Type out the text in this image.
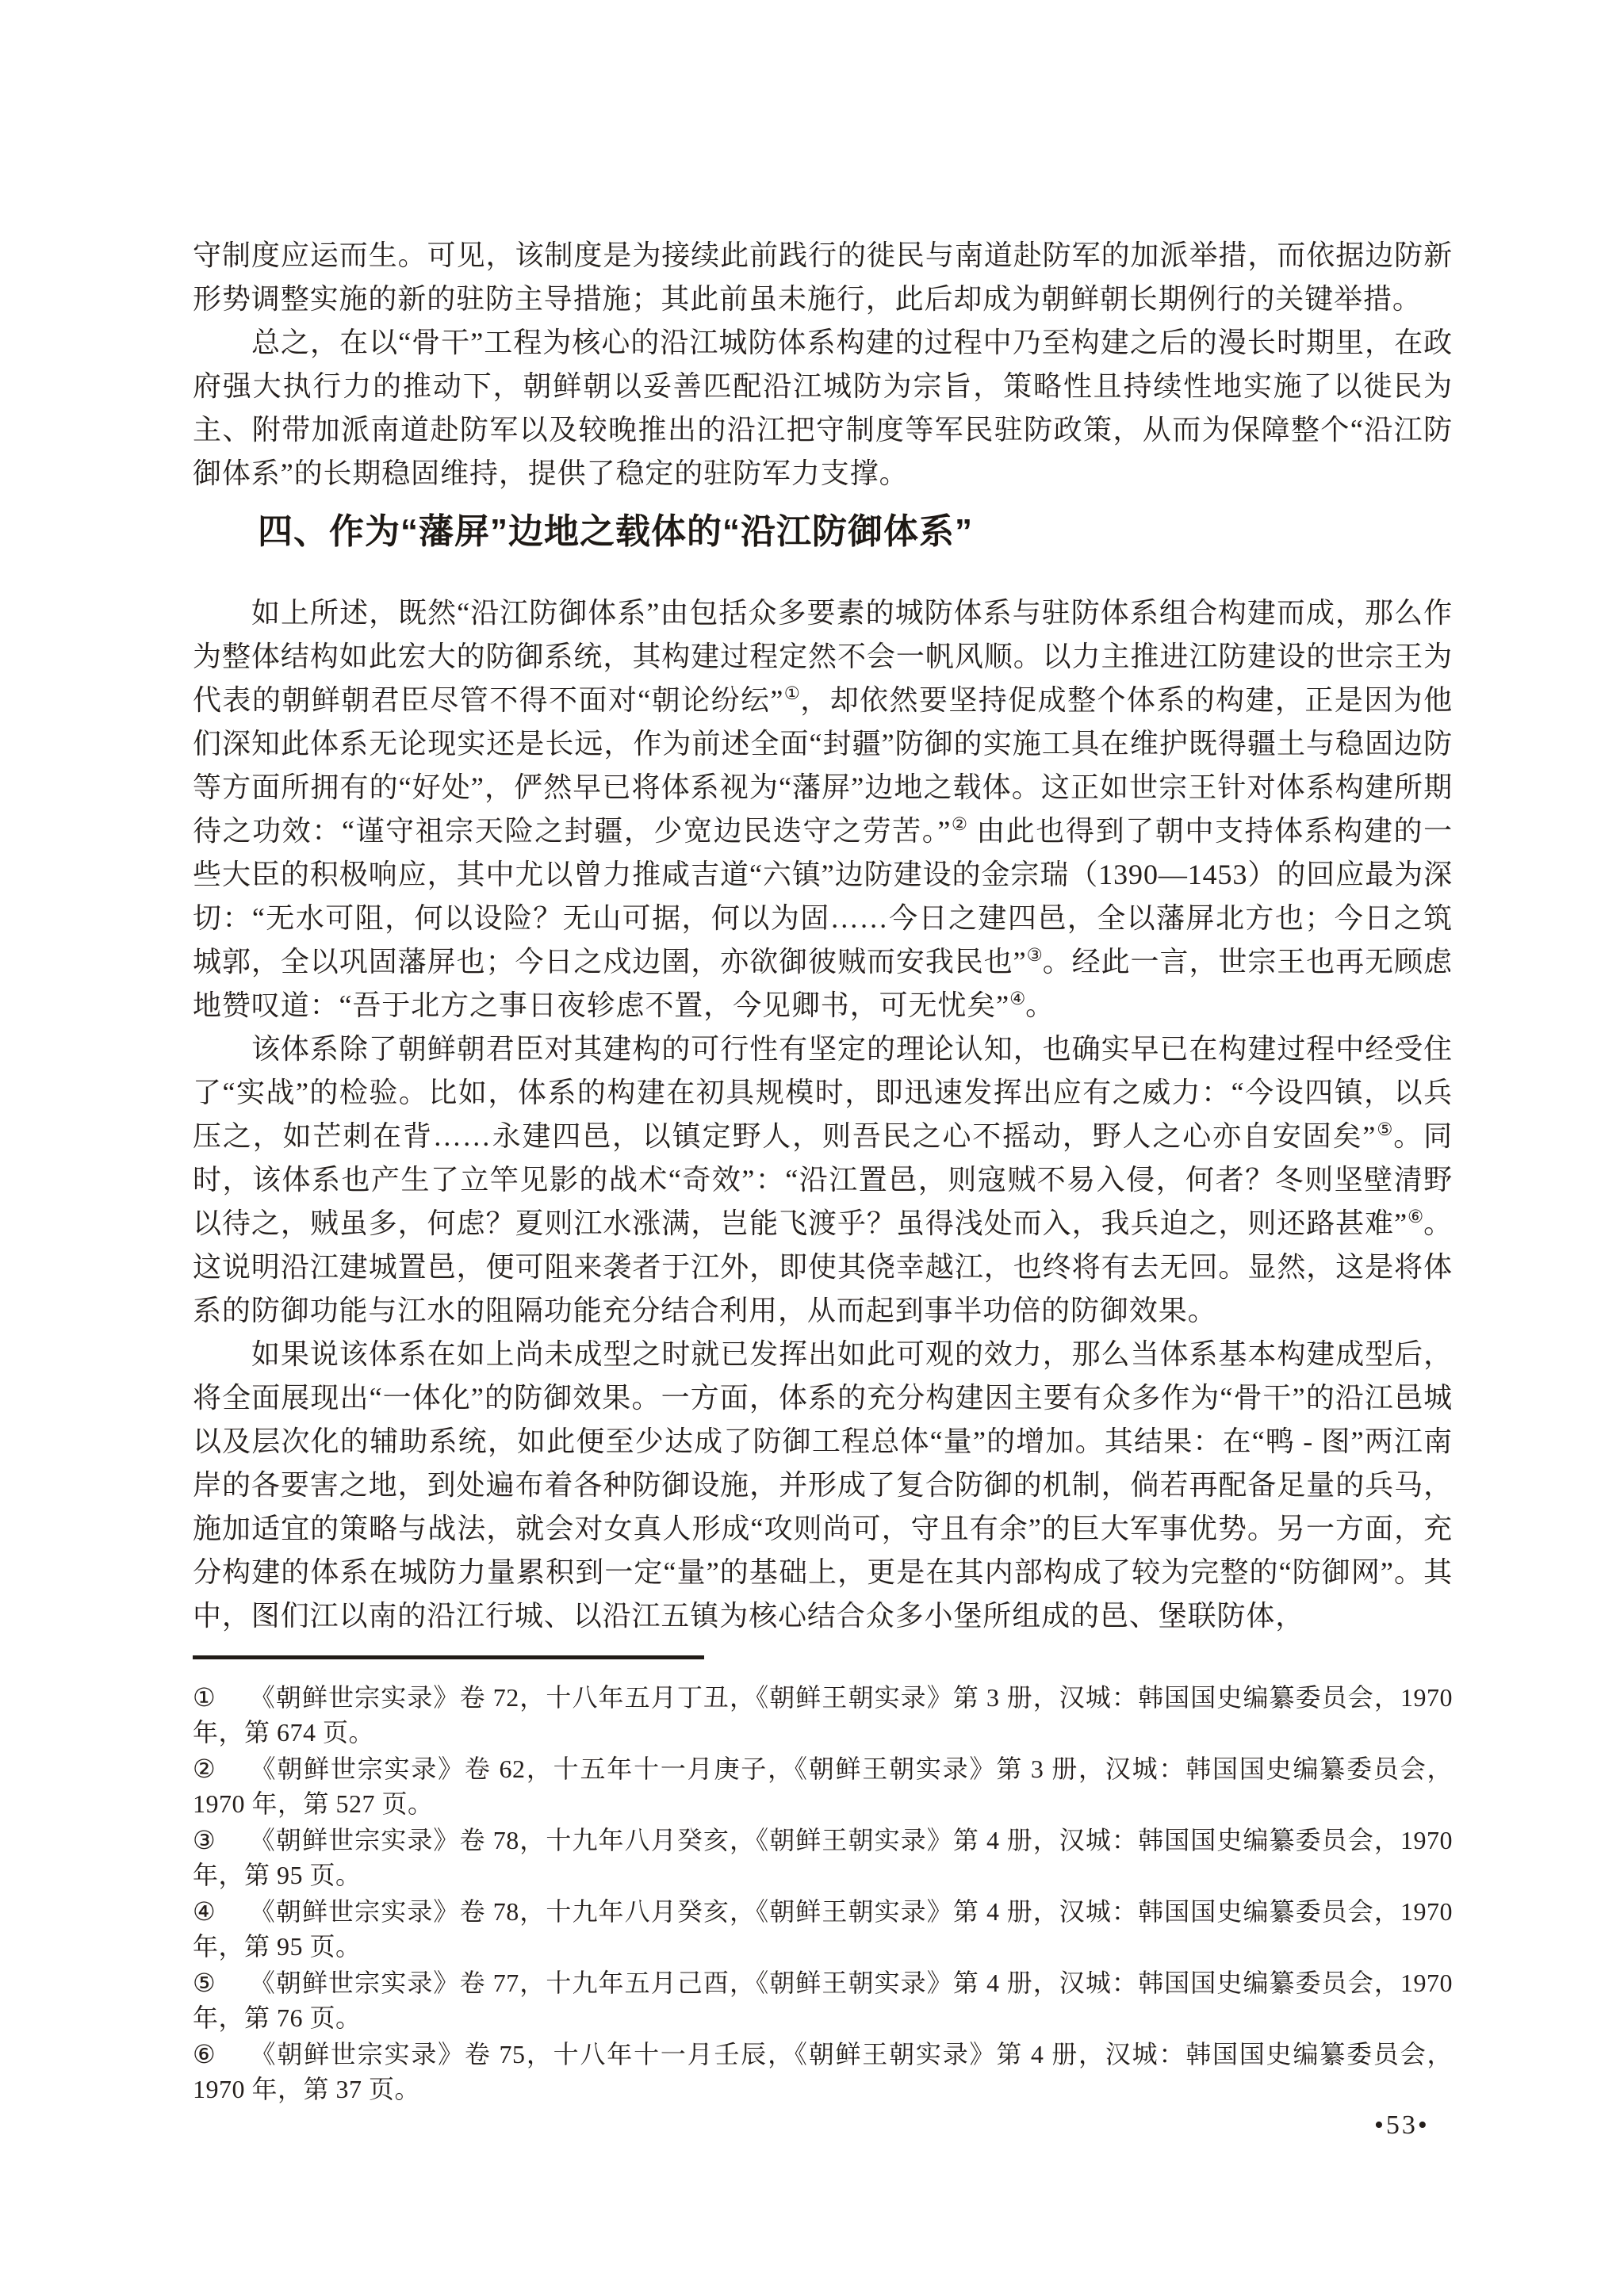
守制度应运而生。可见，该制度是为接续此前践行的徙民与南道赴防军的加派举措，而依据边防新形势调整实施的新的驻防主导措施；其此前虽未施行，此后却成为朝鲜朝长期例行的关键举措。

总之，在以“骨干”工程为核心的沿江城防体系构建的过程中乃至构建之后的漫长时期里，在政府强大执行力的推动下，朝鲜朝以妥善匹配沿江城防为宗旨，策略性且持续性地实施了以徙民为主、附带加派南道赴防军以及较晚推出的沿江把守制度等军民驻防政策，从而为保障整个“沿江防御体系”的长期稳固维持，提供了稳定的驻防军力支撑。

四、作为“藩屏”边地之载体的“沿江防御体系”

如上所述，既然“沿江防御体系”由包括众多要素的城防体系与驻防体系组合构建而成，那么作为整体结构如此宏大的防御系统，其构建过程定然不会一帆风顺。以力主推进江防建设的世宗王为代表的朝鲜朝君臣尽管不得不面对“朝论纷纭”①，却依然要坚持促成整个体系的构建，正是因为他们深知此体系无论现实还是长远，作为前述全面“封疆”防御的实施工具在维护既得疆土与稳固边防等方面所拥有的“好处”，俨然早已将体系视为“藩屏”边地之载体。这正如世宗王针对体系构建所期待之功效：“谨守祖宗天险之封疆，少宽边民迭守之劳苦。”② 由此也得到了朝中支持体系构建的一些大臣的积极响应，其中尤以曾力推咸吉道“六镇”边防建设的金宗瑞（1390—1453）的回应最为深切：“无水可阻，何以设险？无山可据，何以为固……今日之建四邑，全以藩屏北方也；今日之筑城郭，全以巩固藩屏也；今日之戍边圉，亦欲御彼贼而安我民也”③。经此一言，世宗王也再无顾虑地赞叹道：“吾于北方之事日夜轸虑不置，今见卿书，可无忧矣”④。

该体系除了朝鲜朝君臣对其建构的可行性有坚定的理论认知，也确实早已在构建过程中经受住了“实战”的检验。比如，体系的构建在初具规模时，即迅速发挥出应有之威力：“今设四镇，以兵压之，如芒刺在背……永建四邑，以镇定野人，则吾民之心不摇动，野人之心亦自安固矣”⑤。同时，该体系也产生了立竿见影的战术“奇效”：“沿江置邑，则寇贼不易入侵，何者？冬则坚壁清野以待之，贼虽多，何虑？夏则江水涨满，岂能飞渡乎？虽得浅处而入，我兵迫之，则还路甚难”⑥。这说明沿江建城置邑，便可阻来袭者于江外，即使其侥幸越江，也终将有去无回。显然，这是将体系的防御功能与江水的阻隔功能充分结合利用，从而起到事半功倍的防御效果。

如果说该体系在如上尚未成型之时就已发挥出如此可观的效力，那么当体系基本构建成型后，将全面展现出“一体化”的防御效果。一方面，体系的充分构建因主要有众多作为“骨干”的沿江邑城以及层次化的辅助系统，如此便至少达成了防御工程总体“量”的增加。其结果：在“鸭 - 图”两江南岸的各要害之地，到处遍布着各种防御设施，并形成了复合防御的机制，倘若再配备足量的兵马，施加适宜的策略与战法，就会对女真人形成“攻则尚可，守且有余”的巨大军事优势。另一方面，充分构建的体系在城防力量累积到一定“量”的基础上，更是在其内部构成了较为完整的“防御网”。其中，图们江以南的沿江行城、以沿江五镇为核心结合众多小堡所组成的邑、堡联防体，

① 《朝鲜世宗实录》卷 72，十八年五月丁丑，《朝鲜王朝实录》第 3 册，汉城：韩国国史编纂委员会，1970 年，第 674 页。
② 《朝鲜世宗实录》卷 62，十五年十一月庚子，《朝鲜王朝实录》第 3 册，汉城：韩国国史编纂委员会，1970 年，第 527 页。
③ 《朝鲜世宗实录》卷 78，十九年八月癸亥，《朝鲜王朝实录》第 4 册，汉城：韩国国史编纂委员会，1970 年，第 95 页。
④ 《朝鲜世宗实录》卷 78，十九年八月癸亥，《朝鲜王朝实录》第 4 册，汉城：韩国国史编纂委员会，1970 年，第 95 页。
⑤ 《朝鲜世宗实录》卷 77，十九年五月己酉，《朝鲜王朝实录》第 4 册，汉城：韩国国史编纂委员会，1970 年，第 76 页。
⑥ 《朝鲜世宗实录》卷 75，十八年十一月壬辰，《朝鲜王朝实录》第 4 册，汉城：韩国国史编纂委员会，1970 年，第 37 页。
•53•
